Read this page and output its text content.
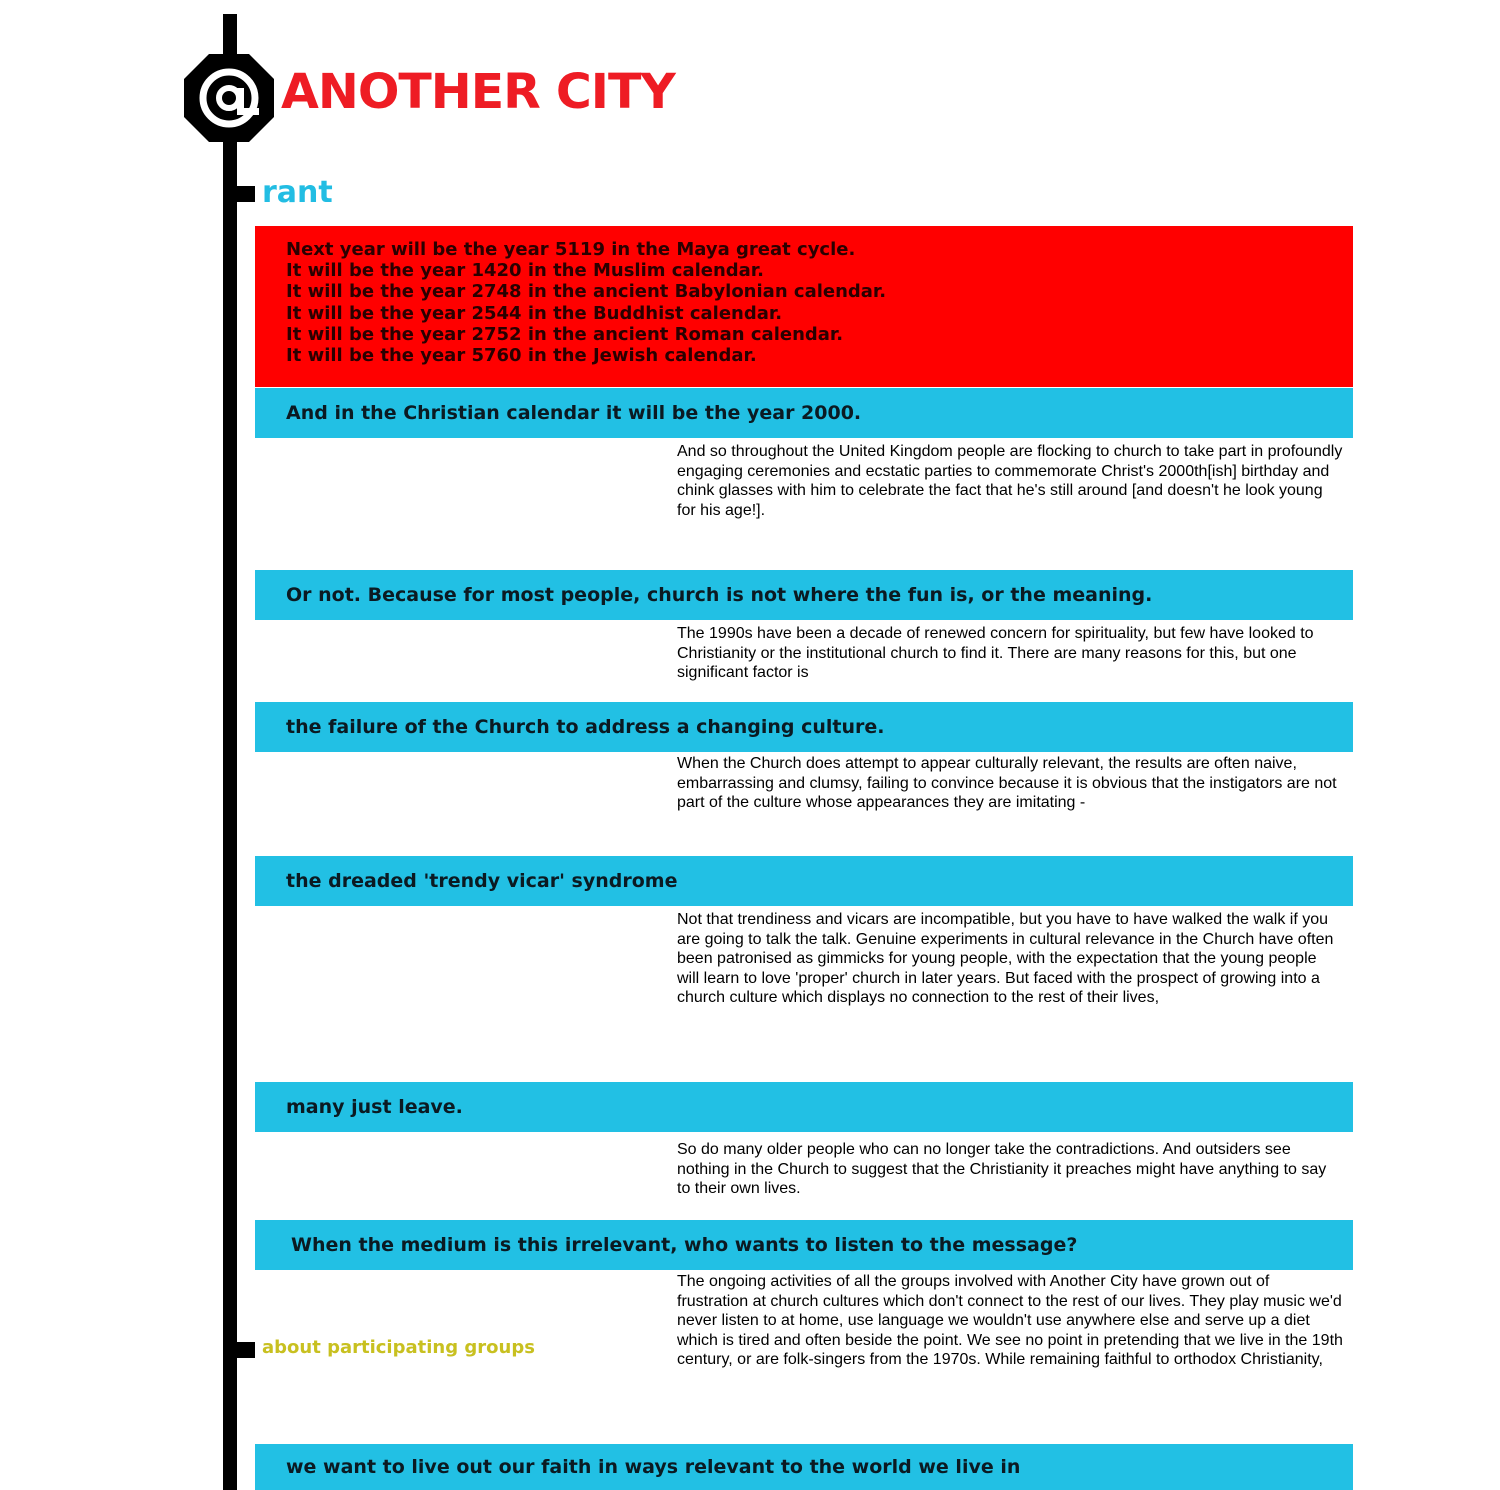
ANOTHER CITY
rant
Next year will be the year 5119 in the Maya great cycle.
It will be the year 1420 in the Muslim calendar.
It will be the year 2748 in the ancient Babylonian calendar.
It will be the year 2544 in the Buddhist calendar.
It will be the year 2752 in the ancient Roman calendar.
It will be the year 5760 in the Jewish calendar.
And in the Christian calendar it will be the year 2000.
And so throughout the United Kingdom people are flocking to church to take part in profoundly engaging ceremonies and ecstatic parties to commemorate Christ's 2000th[ish] birthday and chink glasses with him to celebrate the fact that he's still around [and doesn't he look young for his age!].
Or not. Because for most people, church is not where the fun is, or the meaning.
The 1990s have been a decade of renewed concern for spirituality, but few have looked to Christianity or the institutional church to find it. There are many reasons for this, but one significant factor is
the failure of the Church to address a changing culture.
When the Church does attempt to appear culturally relevant, the results are often naive, embarrassing and clumsy, failing to convince because it is obvious that the instigators are not part of the culture whose appearances they are imitating -
the dreaded 'trendy vicar' syndrome
Not that trendiness and vicars are incompatible, but you have to have walked the walk if you are going to talk the talk. Genuine experiments in cultural relevance in the Church have often been patronised as gimmicks for young people, with the expectation that the young people will learn to love 'proper' church in later years. But faced with the prospect of growing into a church culture which displays no connection to the rest of their lives,
many just leave.
So do many older people who can no longer take the contradictions. And outsiders see nothing in the Church to suggest that the Christianity it preaches might have anything to say to their own lives.
When the medium is this irrelevant, who wants to listen to the message?
The ongoing activities of all the groups involved with Another City have grown out of frustration at church cultures which don't connect to the rest of our lives. They play music we'd never listen to at home, use language we wouldn't use anywhere else and serve up a diet which is tired and often beside the point. We see no point in pretending that we live in the 19th century, or are folk-singers from the 1970s. While remaining faithful to orthodox Christianity,
about participating groups
we want to live out our faith in ways relevant to the world we live in
